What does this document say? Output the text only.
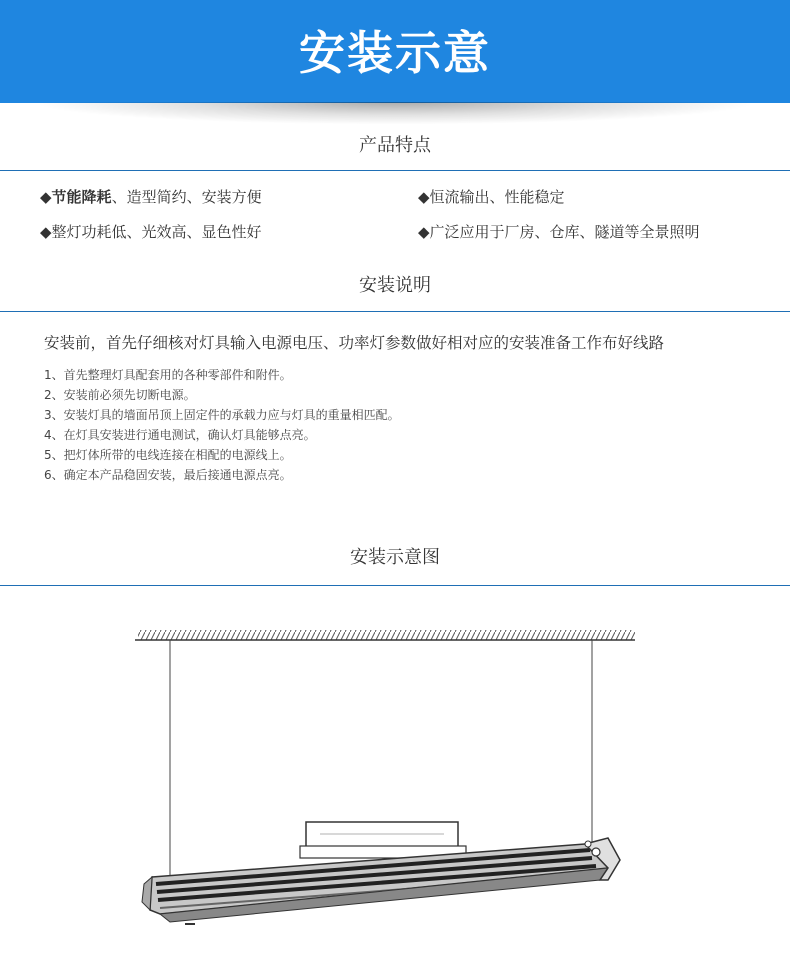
安装示意
产品特点
◆节能降耗、造型简约、安装方便	◆恒流输出、性能稳定
◆整灯功耗低、光效高、显色性好	◆广泛应用于厂房、仓库、隧道等全景照明
安装说明
安装前，首先仔细核对灯具输入电源电压、功率灯参数做好相对应的安装准备工作布好线路
1、首先整理灯具配套用的各种零部件和附件。
2、安装前必须先切断电源。
3、安装灯具的墙面吊顶上固定件的承载力应与灯具的重量相匹配。
4、在灯具安装进行通电测试，确认灯具能够点亮。
5、把灯体所带的电线连接在相配的电源线上。
6、确定本产品稳固安装，最后接通电源点亮。
安装示意图
